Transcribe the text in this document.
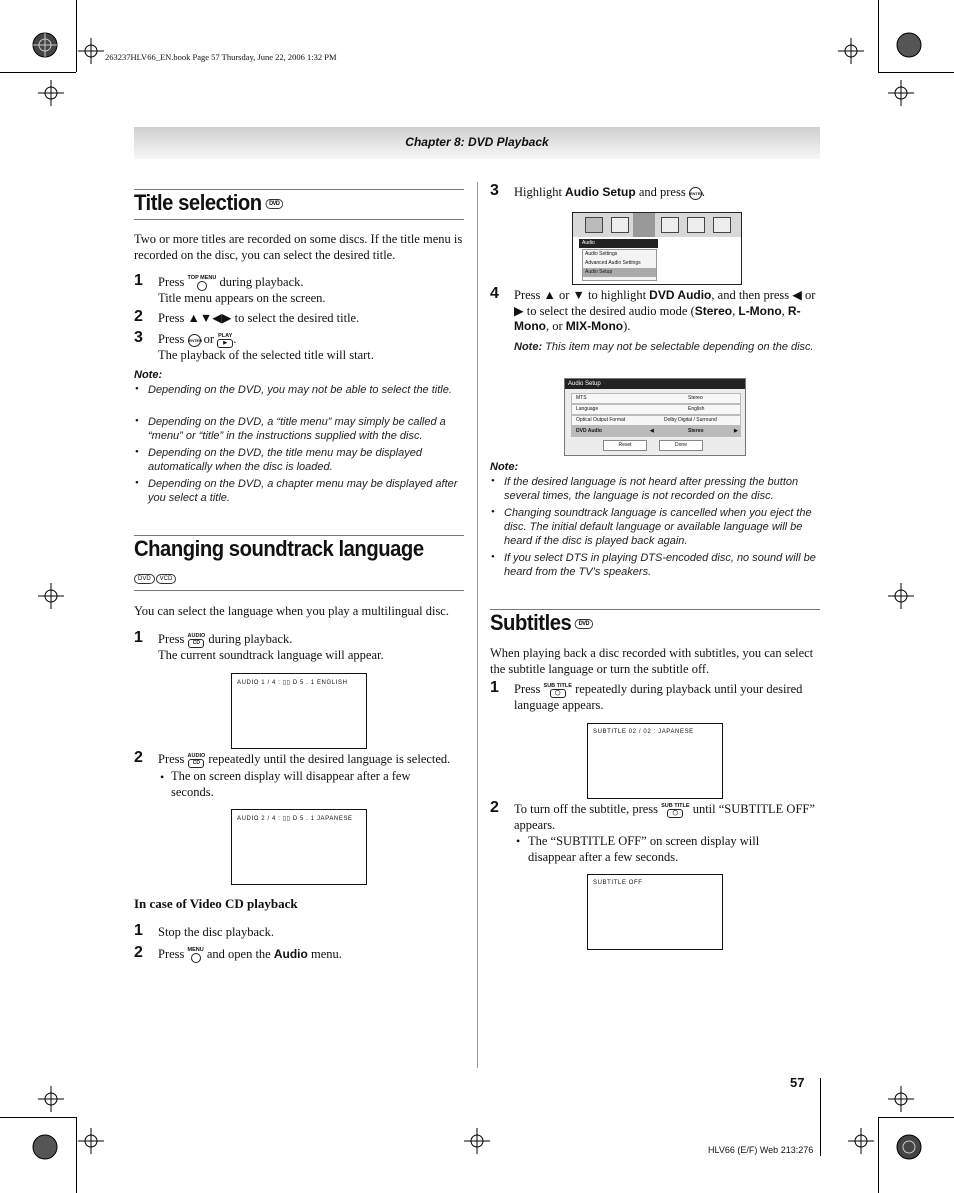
263237HLV66_EN.book Page 57 Thursday, June 22, 2006 1:32 PM
Chapter 8: DVD Playback
Title selection DVD
Two or more titles are recorded on some discs. If the title menu is recorded on the disc, you can select the desired title.
1 Press TOP MENU during playback.
Title menu appears on the screen.
2 Press ▲▼◀▶ to select the desired title.
3 Press ENTER or PLAY
▶ .
The playback of the selected title will start.
Note:
• Depending on the DVD, you may not be able to select the title.
• Depending on the DVD, a “title menu” may simply be called a “menu” or “title” in the instructions supplied with the disc.
• Depending on the DVD, the title menu may be displayed automatically when the disc is loaded.
• Depending on the DVD, a chapter menu may be displayed after you select a title.
Changing soundtrack language
DVD VCD
You can select the language when you play a multilingual disc.
1 Press AUDIO
CD during playback.
The current soundtrack language will appear.
AUDIO 1 / 4 : ▯▯ D 5 . 1 ENGLISH
2 Press AUDIO
CD repeatedly until the desired language is selected.
• The on screen display will disappear after a few seconds.
AUDIO 2 / 4 : ▯▯ D 5 . 1 JAPANESE
In case of Video CD playback
1 Stop the disc playback.
2 Press MENU and open the Audio menu.
3 Highlight Audio Setup and press ENTER
.
Audio
Audio Settings
Advanced Audio Settings
Audio Setup
4 Press ▲ or ▼ to highlight DVD Audio, and then press ◀ or ▶ to select the desired audio mode (Stereo, L-Mono, R-Mono, or MIX-Mono).
Note: This item may not be selectable depending on the disc.
Audio Setup
MTS	Stereo
Language	English
Optical Output Format	Dolby Digital / Surround
DVD Audio	◀	Stereo	▶
Reset	Done
Note:
• If the desired language is not heard after pressing the button several times, the language is not recorded on the disc.
• Changing soundtrack language is cancelled when you eject the disc. The initial default language or available language will be heard if the disc is played back again.
• If you select DTS in playing DTS-encoded disc, no sound will be heard from the TV’s speakers.
Subtitles DVD
When playing back a disc recorded with subtitles, you can select the subtitle language or turn the subtitle off.
1 Press SUB TITLE
◯	repeatedly during playback until your desired language appears.
SUBTITLE 02 / 02 : JAPANESE
2 To turn off the subtitle, press SUB TITLE
◯	until “SUBTITLE OFF” appears.
• The “SUBTITLE OFF” on screen display will disappear after a few seconds.
SUBTITLE OFF
57
HLV66 (E/F) Web 213:276
